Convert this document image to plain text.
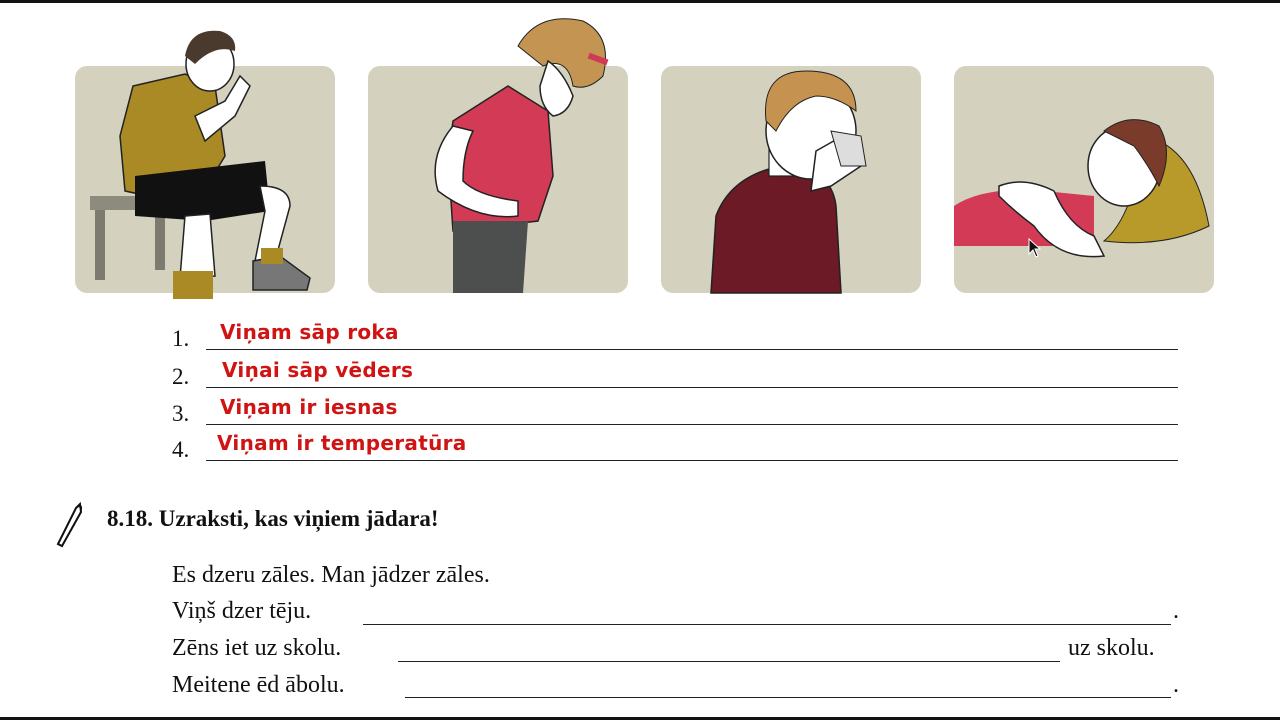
1. Viņam sāp roka
2. Viņai sāp vēders
3. Viņam ir iesnas
4. Viņam ir temperatūra
8.18. Uzraksti, kas viņiem jādara!
Es dzeru zāles. Man jādzer zāles.
Viņš dzer tēju.	.
Zēns iet uz skolu.	uz skolu.
Meitene ēd ābolu.	.
